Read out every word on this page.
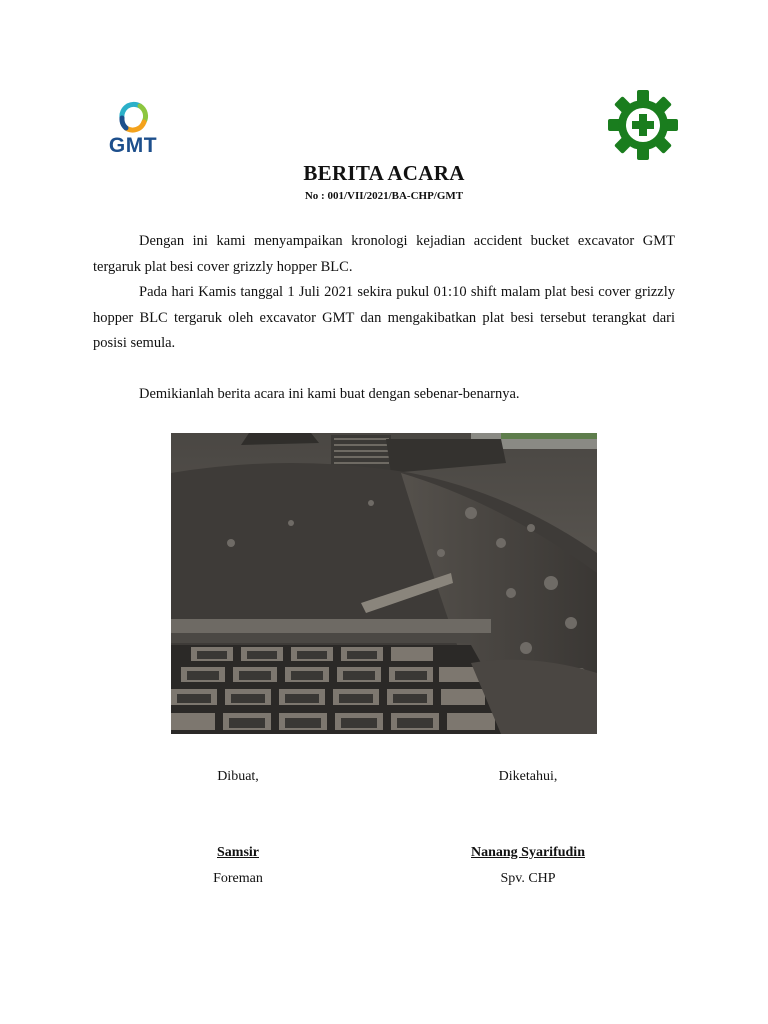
GMT
BERITA ACARA
No : 001/VII/2021/BA-CHP/GMT

Dengan ini kami menyampaikan kronologi kejadian accident bucket excavator GMT tergaruk plat besi cover grizzly hopper BLC.

Pada hari Kamis tanggal 1 Juli 2021 sekira pukul 01:10 shift malam plat besi cover grizzly hopper BLC tergaruk oleh excavator GMT dan mengakibatkan plat besi tersebut terangkat dari posisi semula.

Demikianlah berita acara ini kami buat dengan sebenar-benarnya.

Dibuat,
Samsir
Foreman
Diketahui,
Nanang Syarifudin
Spv. CHP
